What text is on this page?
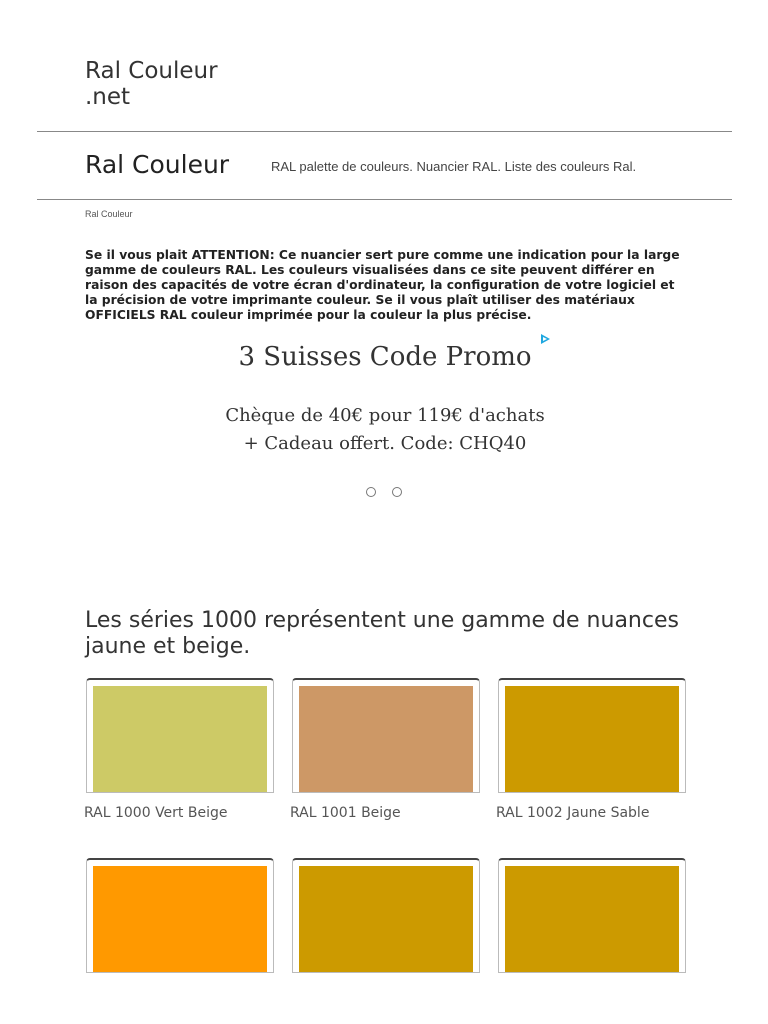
Ral Couleur
.net
Ral Couleur	RAL palette de couleurs. Nuancier RAL. Liste des couleurs Ral.
Ral Couleur

Se il vous plait ATTENTION: Ce nuancier sert pure comme une indication pour la large gamme de couleurs RAL. Les couleurs visualisées dans ce site peuvent différer en raison des capacités de votre écran d'ordinateur, la configuration de votre logiciel et la précision de votre imprimante couleur. Se il vous plaît utiliser des matériaux OFFICIELS RAL couleur imprimée pour la couleur la plus précise.

3 Suisses Code Promo
Chèque de 40€ pour 119€ d'achats
+ Cadeau offert. Code: CHQ40
Les séries 1000 représentent une gamme de nuances jaune et beige.
RAL 1000 Vert Beige	RAL 1001 Beige	RAL 1002 Jaune Sable
